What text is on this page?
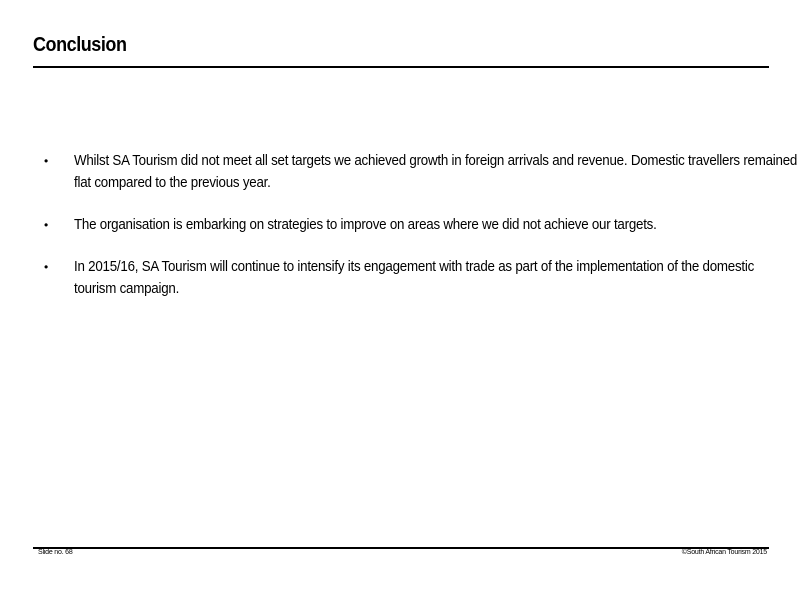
Conclusion
• Whilst SA Tourism did not meet all set targets we achieved growth in foreign arrivals and revenue. Domestic travellers remained flat compared to the previous year.
• The organisation is embarking on strategies to improve on areas where we did not achieve our targets.
• In 2015/16, SA Tourism will continue to intensify its engagement with trade as part of the implementation of the domestic tourism campaign.
Slide no. 68	©South African Tourism 2015
